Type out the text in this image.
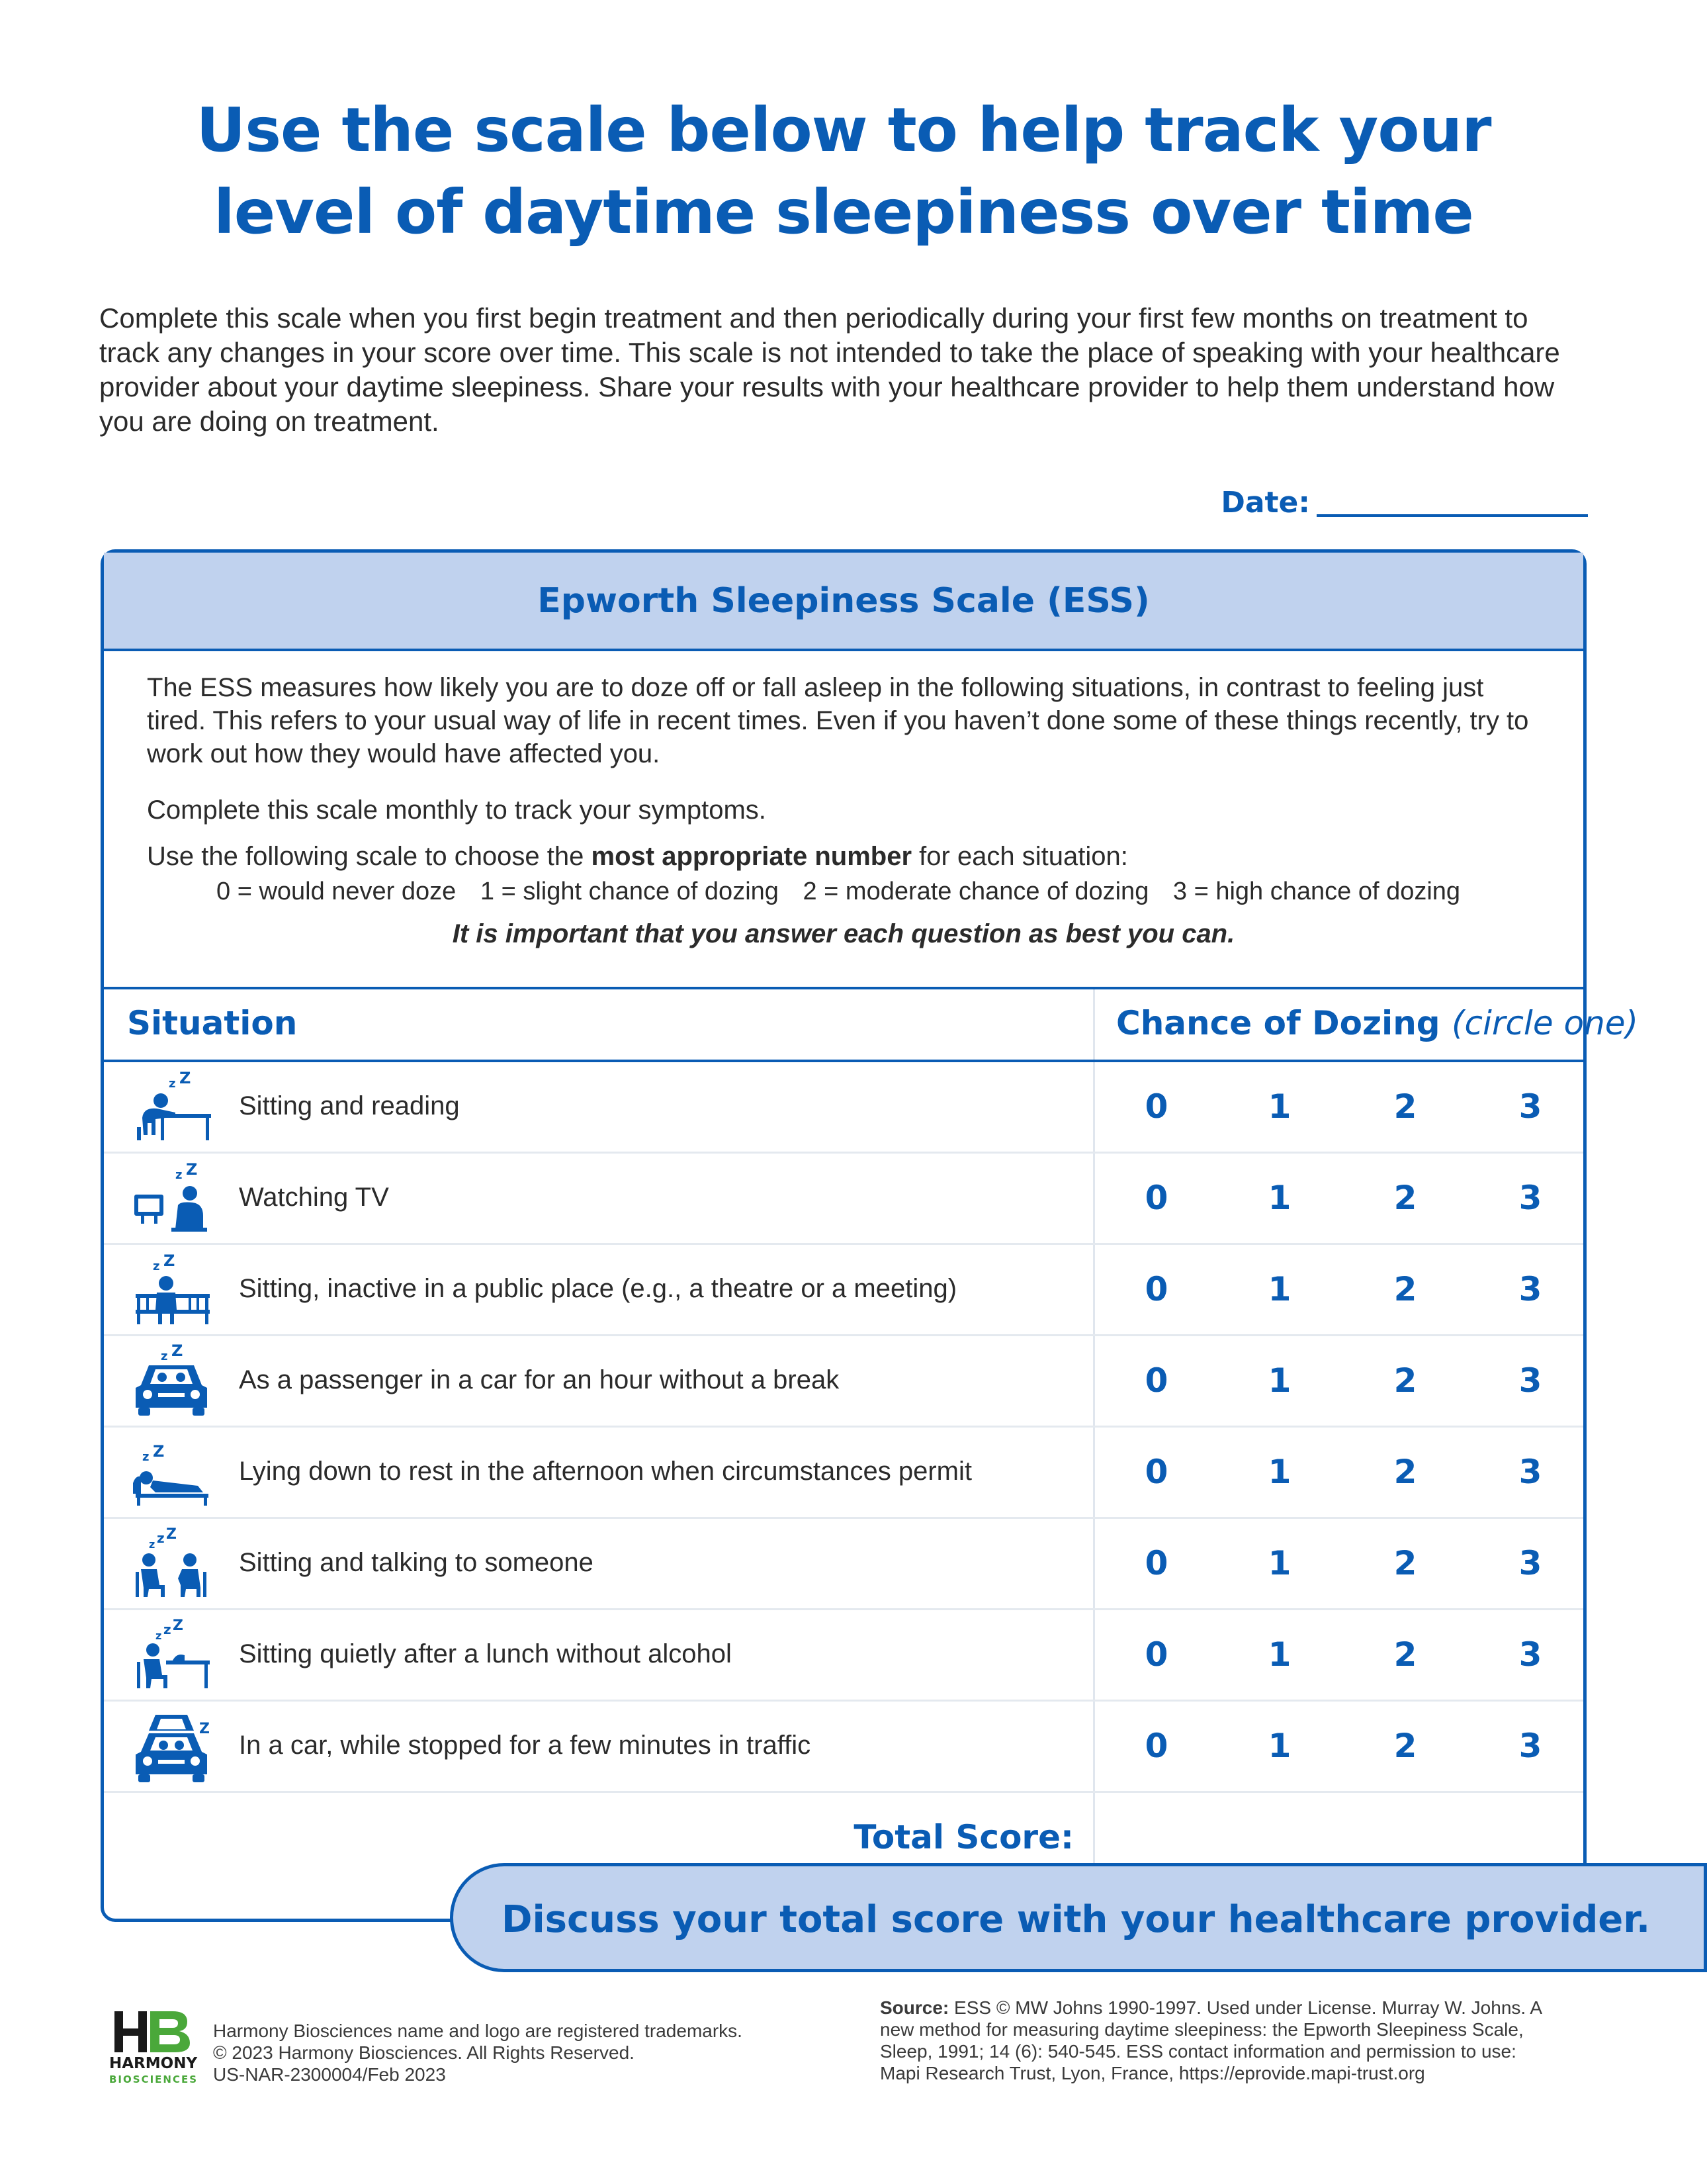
Use the scale below to help track your
level of daytime sleepiness over time

Complete this scale when you first begin treatment and then periodically during your first few months on treatment to track any changes in your score over time. This scale is not intended to take the place of speaking with your healthcare provider about your daytime sleepiness. Share your results with your healthcare provider to help them understand how you are doing on treatment.

Date:
Epworth Sleepiness Scale (ESS)

The ESS measures how likely you are to doze off or fall asleep in the following situations, in contrast to feeling just tired. This refers to your usual way of life in recent times. Even if you haven’t done some of these things recently, try to work out how they would have affected you.

Complete this scale monthly to track your symptoms.

Use the following scale to choose the most appropriate number for each situation:

0 = would never doze 1 = slight chance of dozing 2 = moderate chance of dozing 3 = high chance of dozing
It is important that you answer each question as best you can.
Situation	Chance of Dozing (circle one)
z Z
Sitting and reading	0	1	2	3
z Z
Watching TV	0	1	2	3
z Z
Sitting, inactive in a public place (e.g., a theatre or a meeting)	0	1	2	3
z Z
As a passenger in a car for an hour without a break	0	1	2	3
z Z
Lying down to rest in the afternoon when circumstances permit	0	1	2	3
z z Z
Sitting and talking to someone	0	1	2	3
z z Z
Sitting quietly after a lunch without alcohol	0	1	2	3
Z
In a car, while stopped for a few minutes in traffic	0	1	2	3
Total Score:
Discuss your total score with your healthcare provider.
HARMONY
BIOSCIENCES
Harmony Biosciences name and logo are registered trademarks.
© 2023 Harmony Biosciences. All Rights Reserved.
US-NAR-2300004/Feb 2023

Source: ESS © MW Johns 1990-1997. Used under License. Murray W. Johns. A new method for measuring daytime sleepiness: the Epworth Sleepiness Scale, Sleep, 1991; 14 (6): 540-545. ESS contact information and permission to use: Mapi Research Trust, Lyon, France, https://eprovide.mapi-trust.org
